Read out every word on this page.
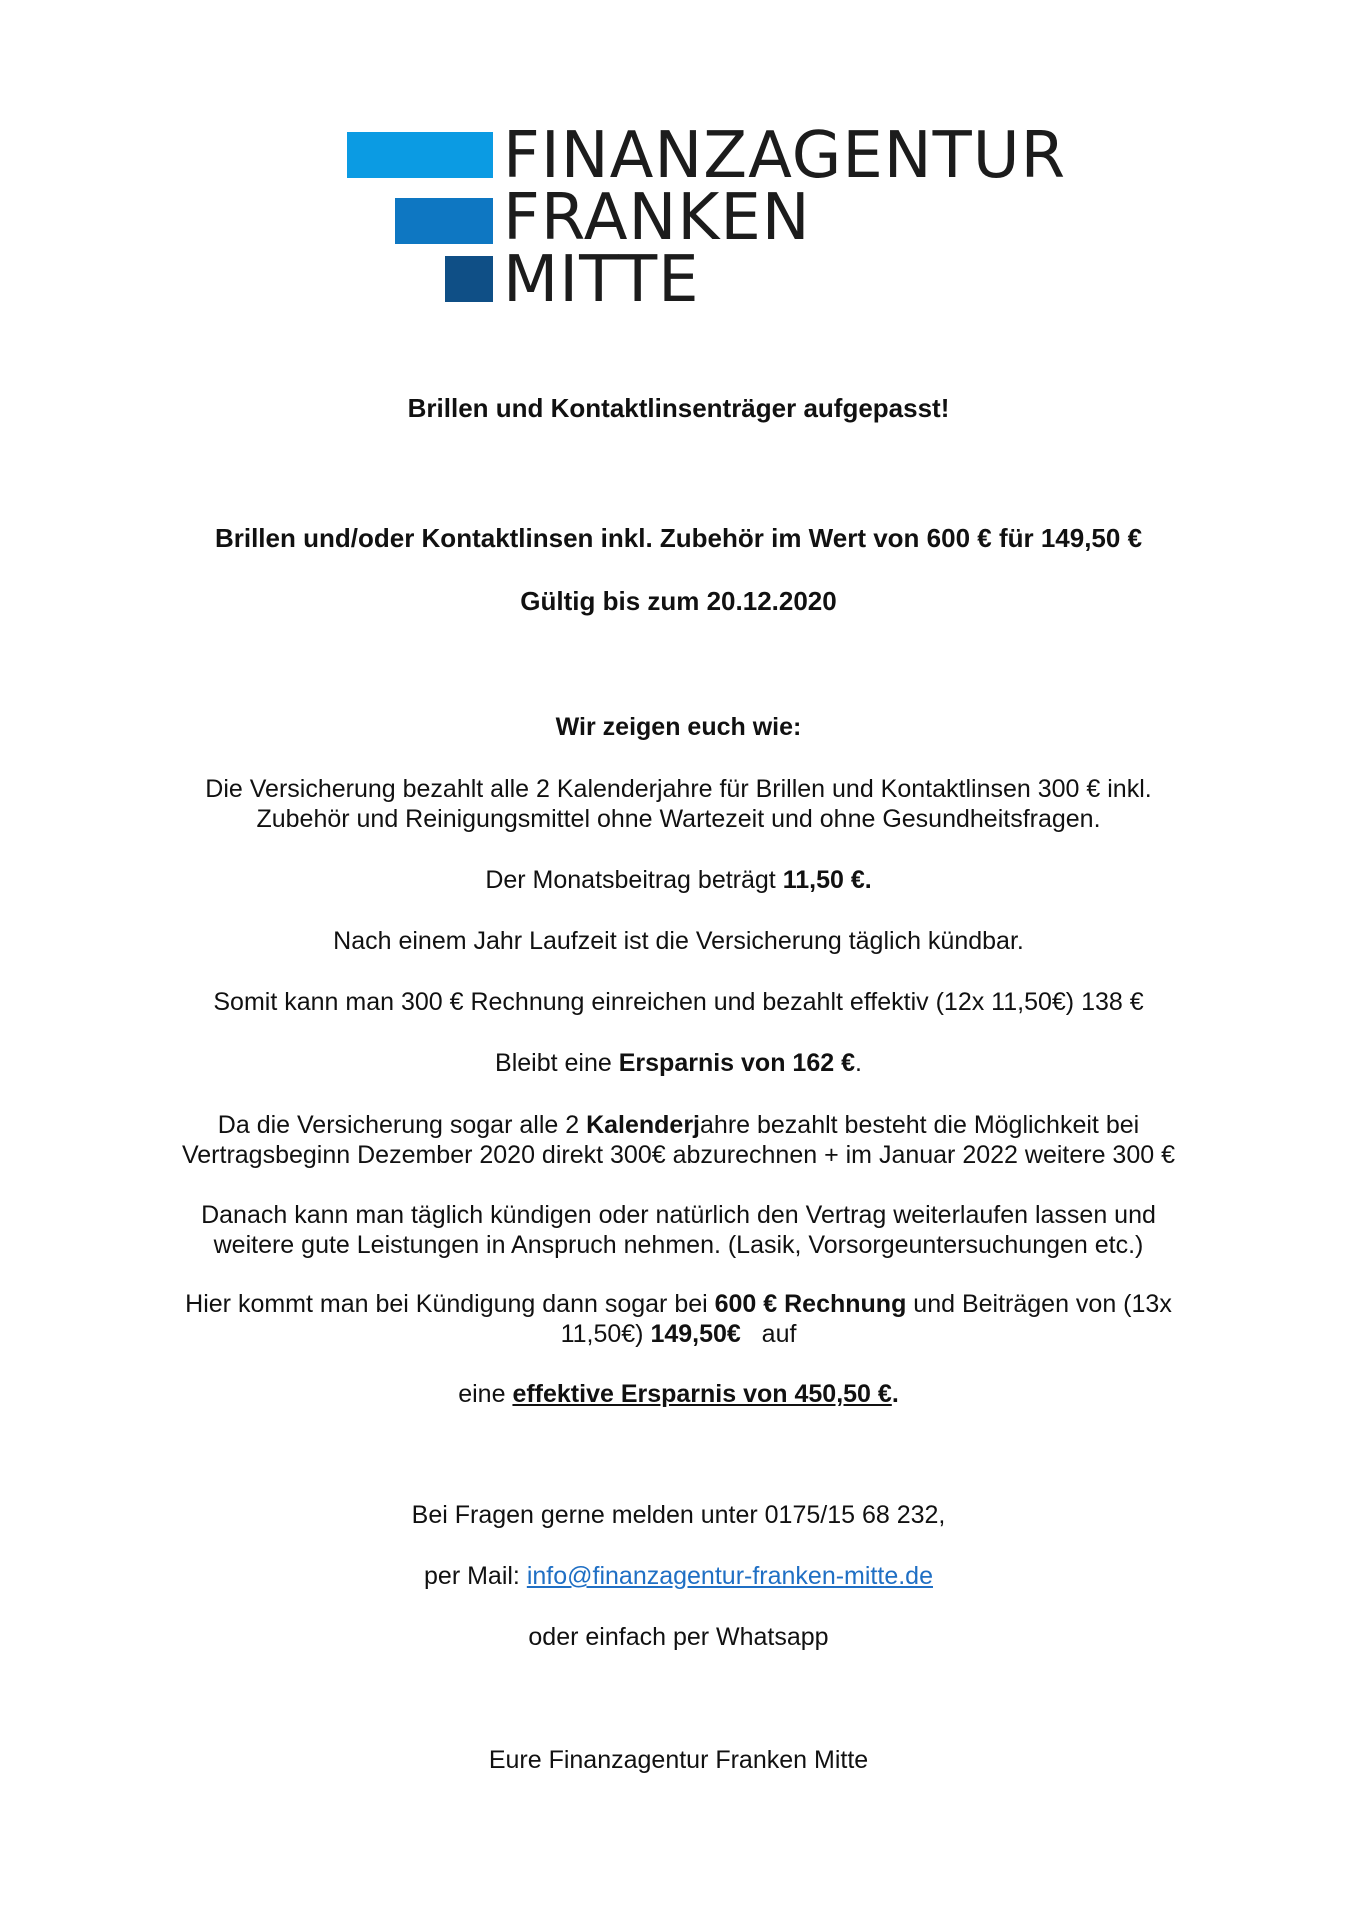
FINANZAGENTUR
FRANKEN
MITTE
Brillen und Kontaktlinsenträger aufgepasst!
Brillen und/oder Kontaktlinsen inkl. Zubehör im Wert von 600 € für 149,50 €
Gültig bis zum 20.12.2020
Wir zeigen euch wie:
Die Versicherung bezahlt alle 2 Kalenderjahre für Brillen und Kontaktlinsen 300 € inkl.
Zubehör und Reinigungsmittel ohne Wartezeit und ohne Gesundheitsfragen.
Der Monatsbeitrag beträgt 11,50 €.
Nach einem Jahr Laufzeit ist die Versicherung täglich kündbar.
Somit kann man 300 € Rechnung einreichen und bezahlt effektiv (12x 11,50€) 138 €
Bleibt eine Ersparnis von 162 €.
Da die Versicherung sogar alle 2 Kalenderjahre bezahlt besteht die Möglichkeit bei
Vertragsbeginn Dezember 2020 direkt 300€ abzurechnen + im Januar 2022 weitere 300 €
Danach kann man täglich kündigen oder natürlich den Vertrag weiterlaufen lassen und
weitere gute Leistungen in Anspruch nehmen. (Lasik, Vorsorgeuntersuchungen etc.)
Hier kommt man bei Kündigung dann sogar bei 600 € Rechnung und Beiträgen von (13x
11,50€) 149,50€   auf
eine effektive Ersparnis von 450,50 €.
Bei Fragen gerne melden unter 0175/15 68 232,
per Mail: info@finanzagentur-franken-mitte.de
oder einfach per Whatsapp
Eure Finanzagentur Franken Mitte
